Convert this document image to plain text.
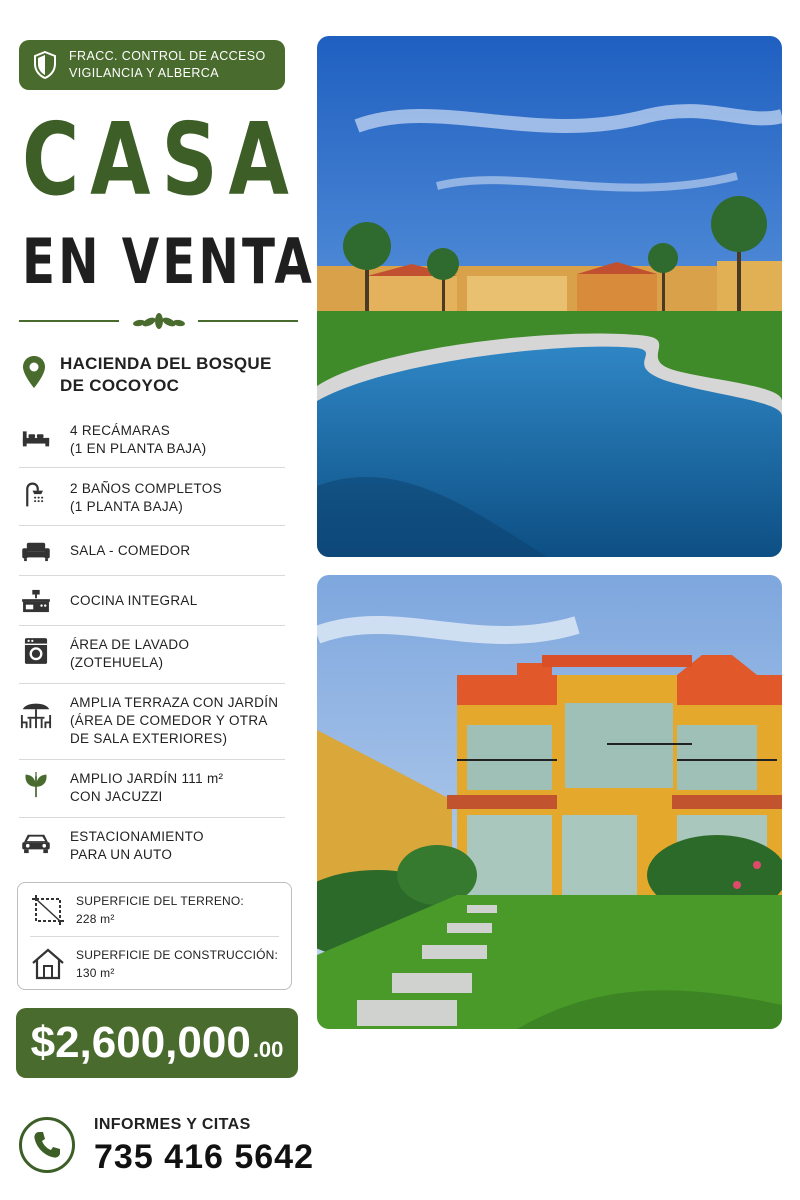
FRACC. CONTROL DE ACCESO
VIGILANCIA Y ALBERCA
CASA
EN VENTA
HACIENDA DEL BOSQUE
DE COCOYOC
4 RECÁMARAS
(1 EN PLANTA BAJA)
2 BAÑOS COMPLETOS
(1 PLANTA BAJA)
SALA - COMEDOR
COCINA INTEGRAL
ÁREA DE LAVADO
(ZOTEHUELA)
AMPLIA TERRAZA CON JARDÍN
(ÁREA DE COMEDOR Y OTRA
DE SALA EXTERIORES)
AMPLIO JARDÍN 111 m²
CON JACUZZI
ESTACIONAMIENTO
PARA UN AUTO
SUPERFICIE DEL TERRENO:
228 m²
SUPERFICIE DE CONSTRUCCIÓN:
130 m²
$2,600,000 .00
INFORMES Y CITAS
735 416 5642
